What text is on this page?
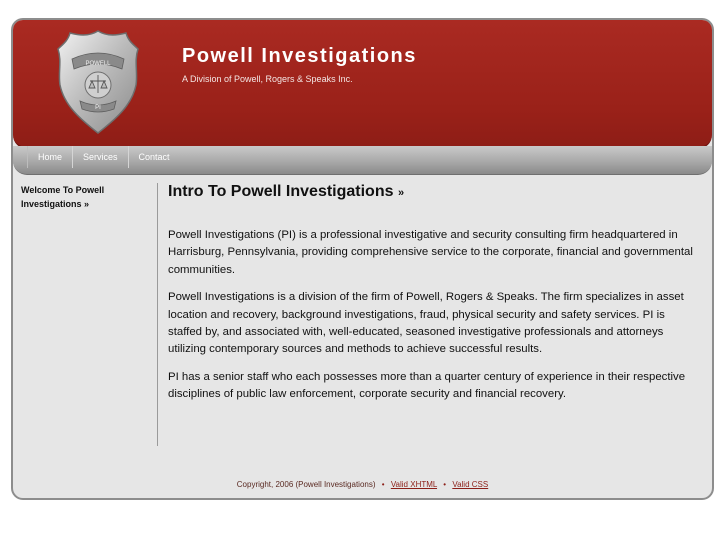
POWELL
PI
Powell Investigations
A Division of Powell, Rogers & Speaks Inc.
Home	Services	Contact
Welcome To Powell Investigations »
Intro To Powell Investigations »

Powell Investigations (PI) is a professional investigative and security consulting firm headquartered in Harrisburg, Pennsylvania, providing comprehensive service to the corporate, financial and governmental communities.

Powell Investigations is a division of the firm of Powell, Rogers & Speaks. The firm specializes in asset location and recovery, background investigations, fraud, physical security and safety services. PI is staffed by, and associated with, well-educated, seasoned investigative professionals and attorneys utilizing contemporary sources and methods to achieve successful results.

PI has a senior staff who each possesses more than a quarter century of experience in their respective disciplines of public law enforcement, corporate security and financial recovery.

Copyright, 2006 (Powell Investigations) • Valid XHTML • Valid CSS
